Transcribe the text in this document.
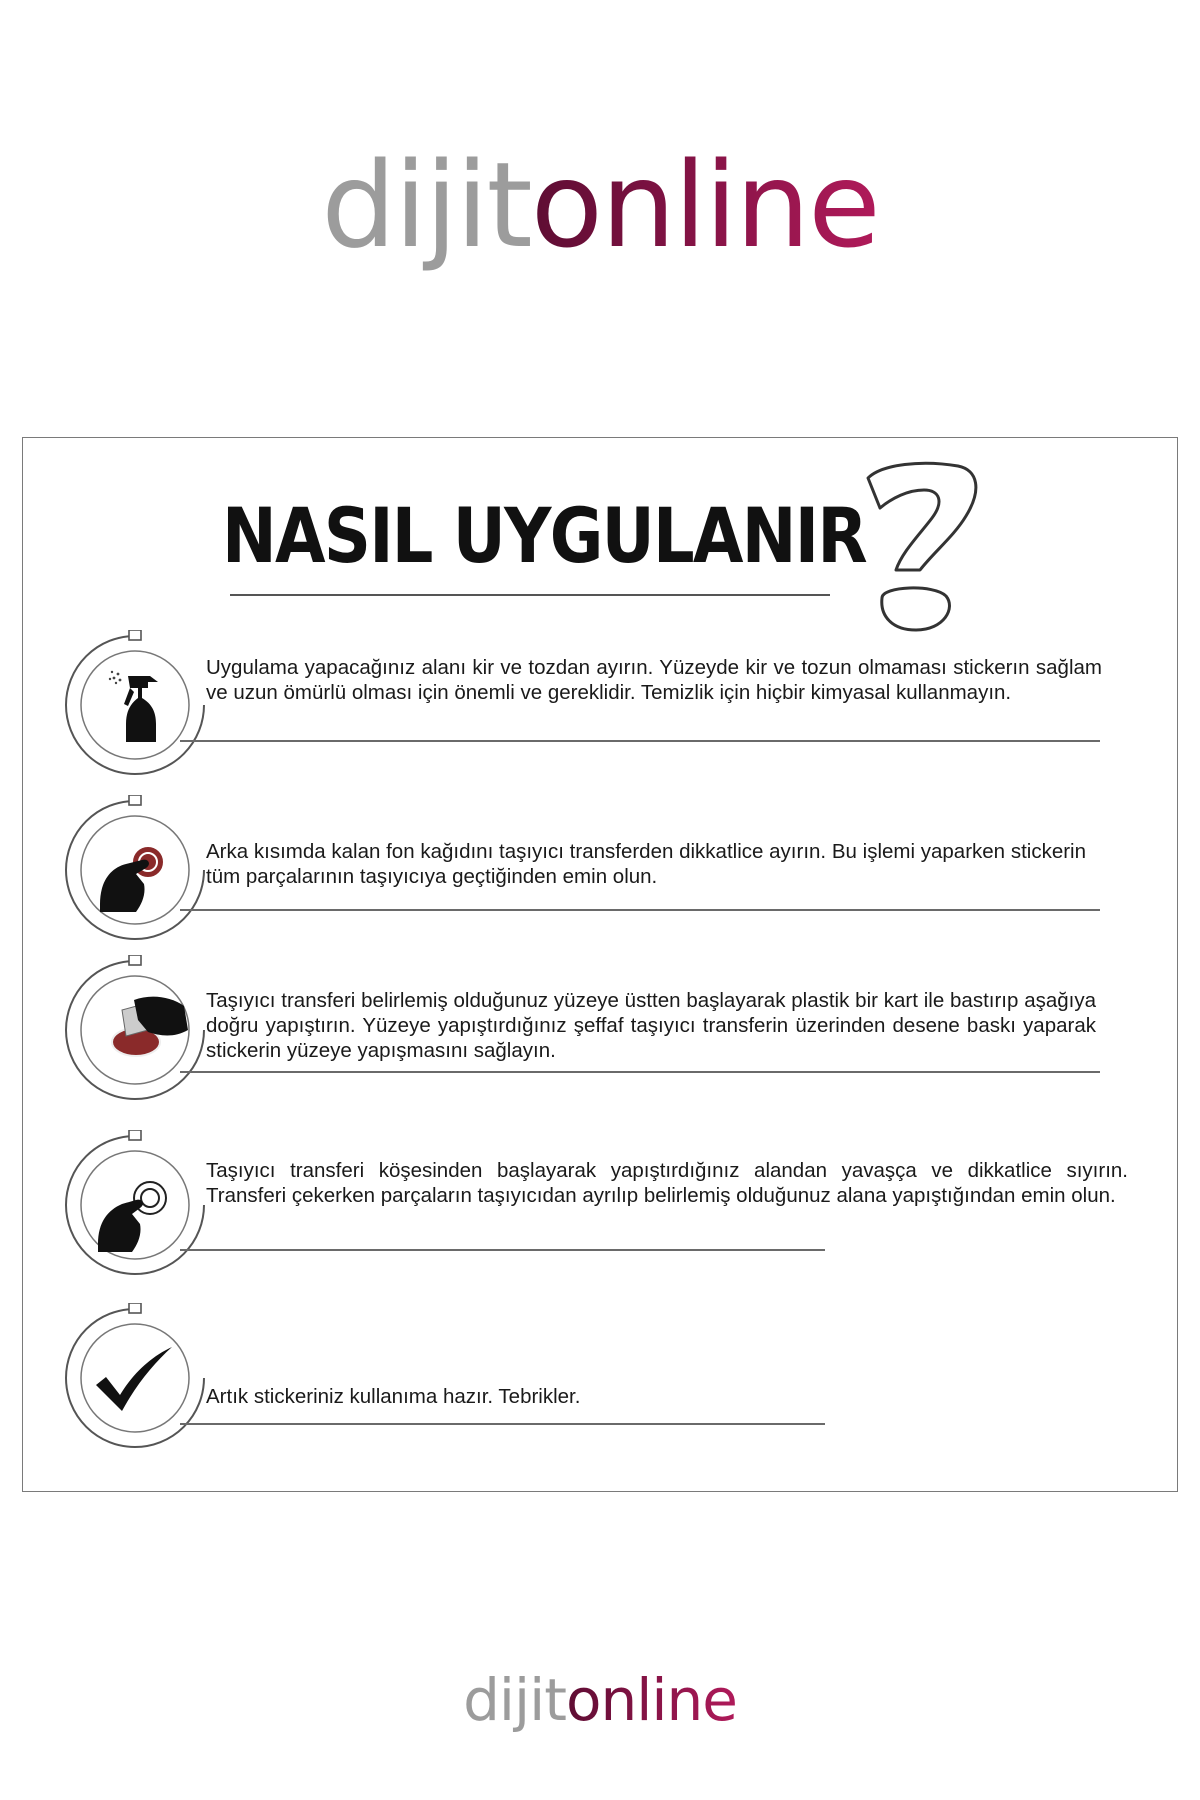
dijitonline
NASIL UYGULANIR
Uygulama yapacağınız alanı kir ve tozdan ayırın. Yüzeyde kir ve tozun olmaması stickerın sağlam ve uzun ömürlü olması için önemli ve gereklidir. Temizlik için hiçbir kimyasal kullanmayın.
Arka kısımda kalan fon kağıdını taşıyıcı transferden dikkatlice ayırın. Bu işlemi yaparken stickerin tüm parçalarının taşıyıcıya geçtiğinden emin olun.
Taşıyıcı transferi belirlemiş olduğunuz yüzeye üstten başlayarak plastik bir kart ile bastırıp aşağıya doğru yapıştırın. Yüzeye yapıştırdığınız şeffaf taşıyıcı transferin üzerinden desene baskı yaparak stickerin yüzeye yapışmasını sağlayın.
Taşıyıcı transferi köşesinden başlayarak yapıştırdığınız alandan yavaşça ve dikkatlice sıyırın. Transferi çekerken parçaların taşıyıcıdan ayrılıp belirlemiş olduğunuz alana yapıştığından emin olun.
Artık stickeriniz kullanıma hazır. Tebrikler.
dijitonline
